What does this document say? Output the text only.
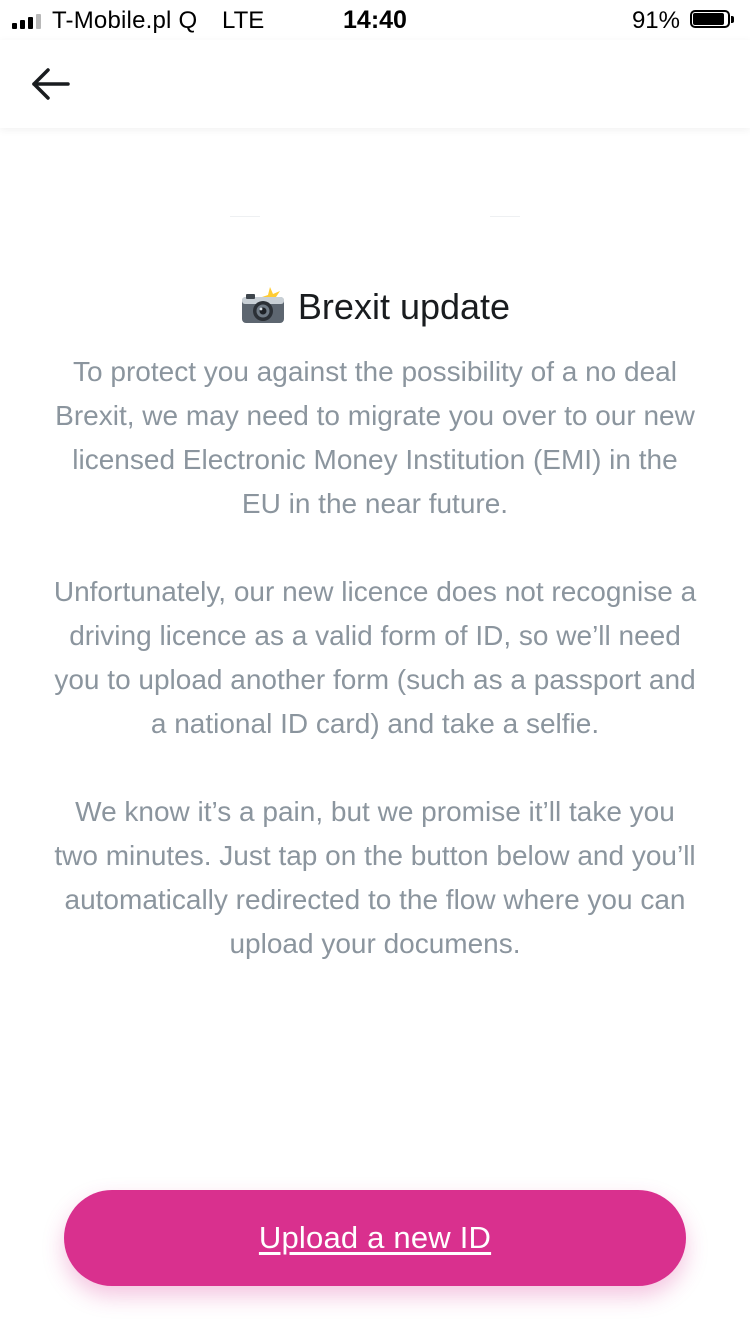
T-Mobile.pl Q LTE	14:40	91%
Brexit update

To protect you against the possibility of a no deal Brexit, we may need to migrate you over to our new licensed Electronic Money Institution (EMI) in the EU in the near future.

Unfortunately, our new licence does not recognise a driving licence as a valid form of ID, so we’ll need you to upload another form (such as a passport and a national ID card) and take a selfie.

We know it’s a pain, but we promise it’ll take you two minutes. Just tap on the button below and you’ll automatically redirected to the flow where you can upload your documens.

Upload a new ID
